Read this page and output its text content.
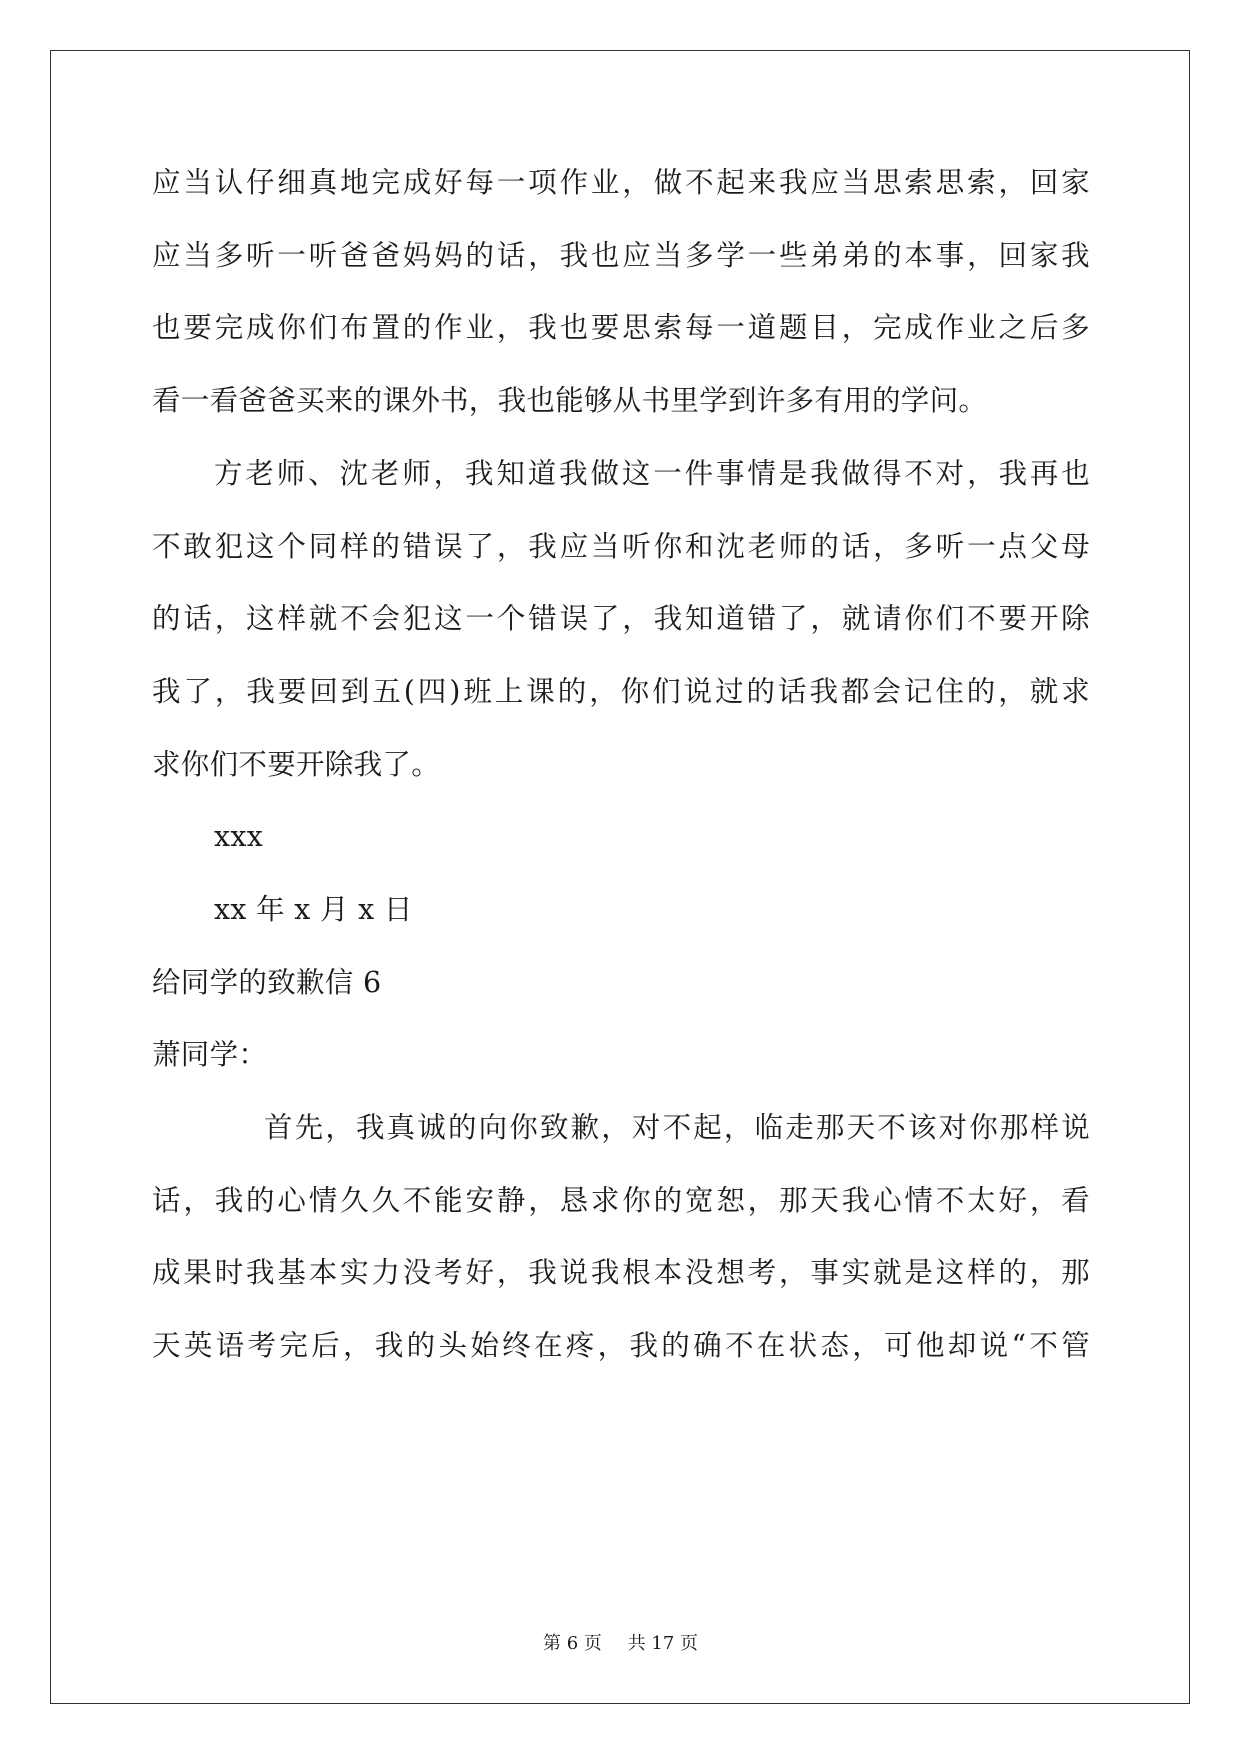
应当认仔细真地完成好每一项作业，做不起来我应当思索思索，回家
应当多听一听爸爸妈妈的话，我也应当多学一些弟弟的本事，回家我
也要完成你们布置的作业，我也要思索每一道题目，完成作业之后多
看一看爸爸买来的课外书，我也能够从书里学到许多有用的学问。
方老师、沈老师，我知道我做这一件事情是我做得不对，我再也
不敢犯这个同样的错误了，我应当听你和沈老师的话，多听一点父母
的话，这样就不会犯这一个错误了，我知道错了，就请你们不要开除
我了，我要回到五(四)班上课的，你们说过的话我都会记住的，就求
求你们不要开除我了。
xxx
xx 年 x 月 x 日
给同学的致歉信 6
萧同学：
首先，我真诚的向你致歉，对不起，临走那天不该对你那样说
话，我的心情久久不能安静，恳求你的宽恕，那天我心情不太好，看
成果时我基本实力没考好，我说我根本没想考，事实就是这样的，那
天英语考完后，我的头始终在疼，我的确不在状态，可他却说“不管
第 6 页 共 17 页
